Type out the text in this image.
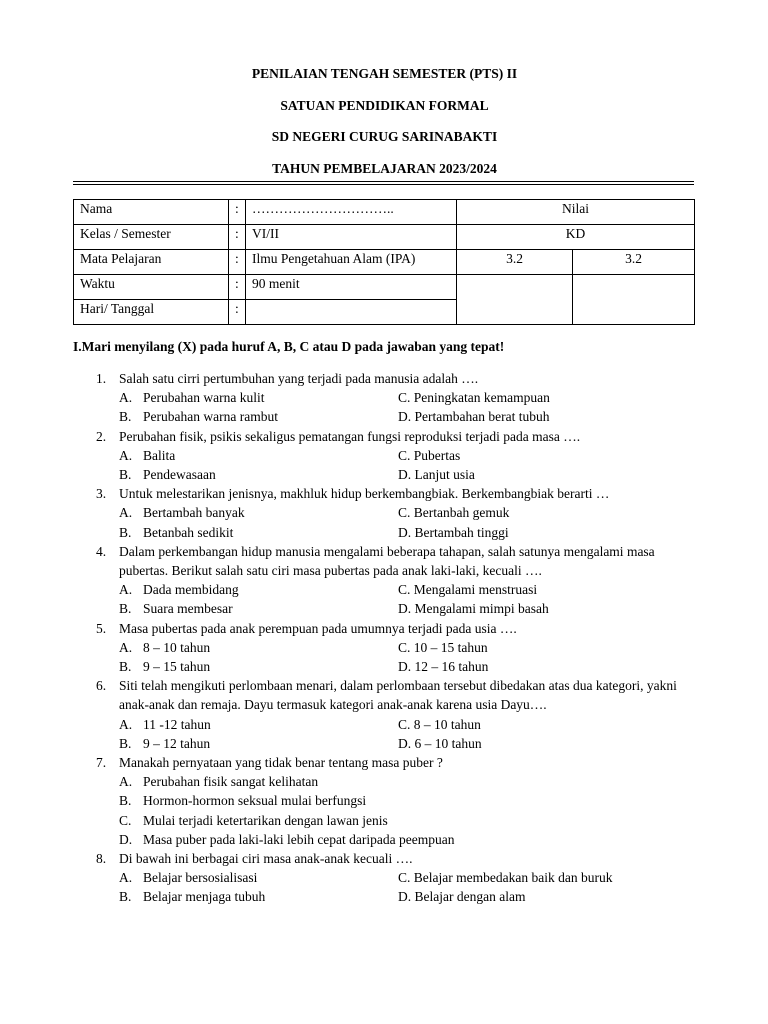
PENILAIAN TENGAH SEMESTER (PTS) II
SATUAN PENDIDIKAN FORMAL
SD NEGERI CURUG SARINABAKTI
TAHUN PEMBELAJARAN 2023/2024
Nama	:	…………………………..	Nilai	
Kelas / Semester	:	VI/II	KD	
Mata Pelajaran	:	Ilmu Pengetahuan Alam (IPA)	3.2	3.2
Waktu	:	90 menit		
Hari/ Tanggal	:			
I.Mari menyilang (X) pada huruf A, B, C atau D pada jawaban yang tepat!
1. Salah satu cirri pertumbuhan yang terjadi pada manusia adalah ….
A. Perubahan warna kulit	C. Peningkatan kemampuan
B. Perubahan warna rambut	D. Pertambahan berat tubuh
2. Perubahan fisik, psikis sekaligus pematangan fungsi reproduksi terjadi pada masa ….
A. Balita	C. Pubertas
B. Pendewasaan	D. Lanjut usia
3. Untuk melestarikan jenisnya, makhluk hidup berkembangbiak. Berkembangbiak berarti …
A. Bertambah banyak	C. Bertanbah gemuk
B. Betanbah sedikit	D. Bertambah tinggi
4. Dalam perkembangan hidup manusia mengalami beberapa tahapan, salah satunya mengalami masa pubertas. Berikut salah satu ciri masa pubertas pada anak laki-laki, kecuali ….
A. Dada membidang	C. Mengalami menstruasi
B. Suara membesar	D. Mengalami mimpi basah
5. Masa pubertas pada anak perempuan pada umumnya terjadi pada usia ….
A. 8 – 10 tahun	C. 10 – 15 tahun
B. 9 – 15 tahun	D. 12 – 16 tahun
6. Siti telah mengikuti perlombaan menari, dalam perlombaan tersebut dibedakan atas dua kategori, yakni anak-anak dan remaja. Dayu termasuk kategori anak-anak karena usia Dayu….
A. 11 -12 tahun	C. 8 – 10 tahun
B. 9 – 12 tahun	D. 6 – 10 tahun
7. Manakah pernyataan yang tidak benar tentang masa puber ?
A. Perubahan fisik sangat kelihatan
B. Hormon-hormon seksual mulai berfungsi
C. Mulai terjadi ketertarikan dengan lawan jenis
D. Masa puber pada laki-laki lebih cepat daripada peempuan
8. Di bawah ini berbagai ciri masa anak-anak kecuali ….
A. Belajar bersosialisasi	C. Belajar membedakan baik dan buruk
B. Belajar menjaga tubuh	D. Belajar dengan alam
